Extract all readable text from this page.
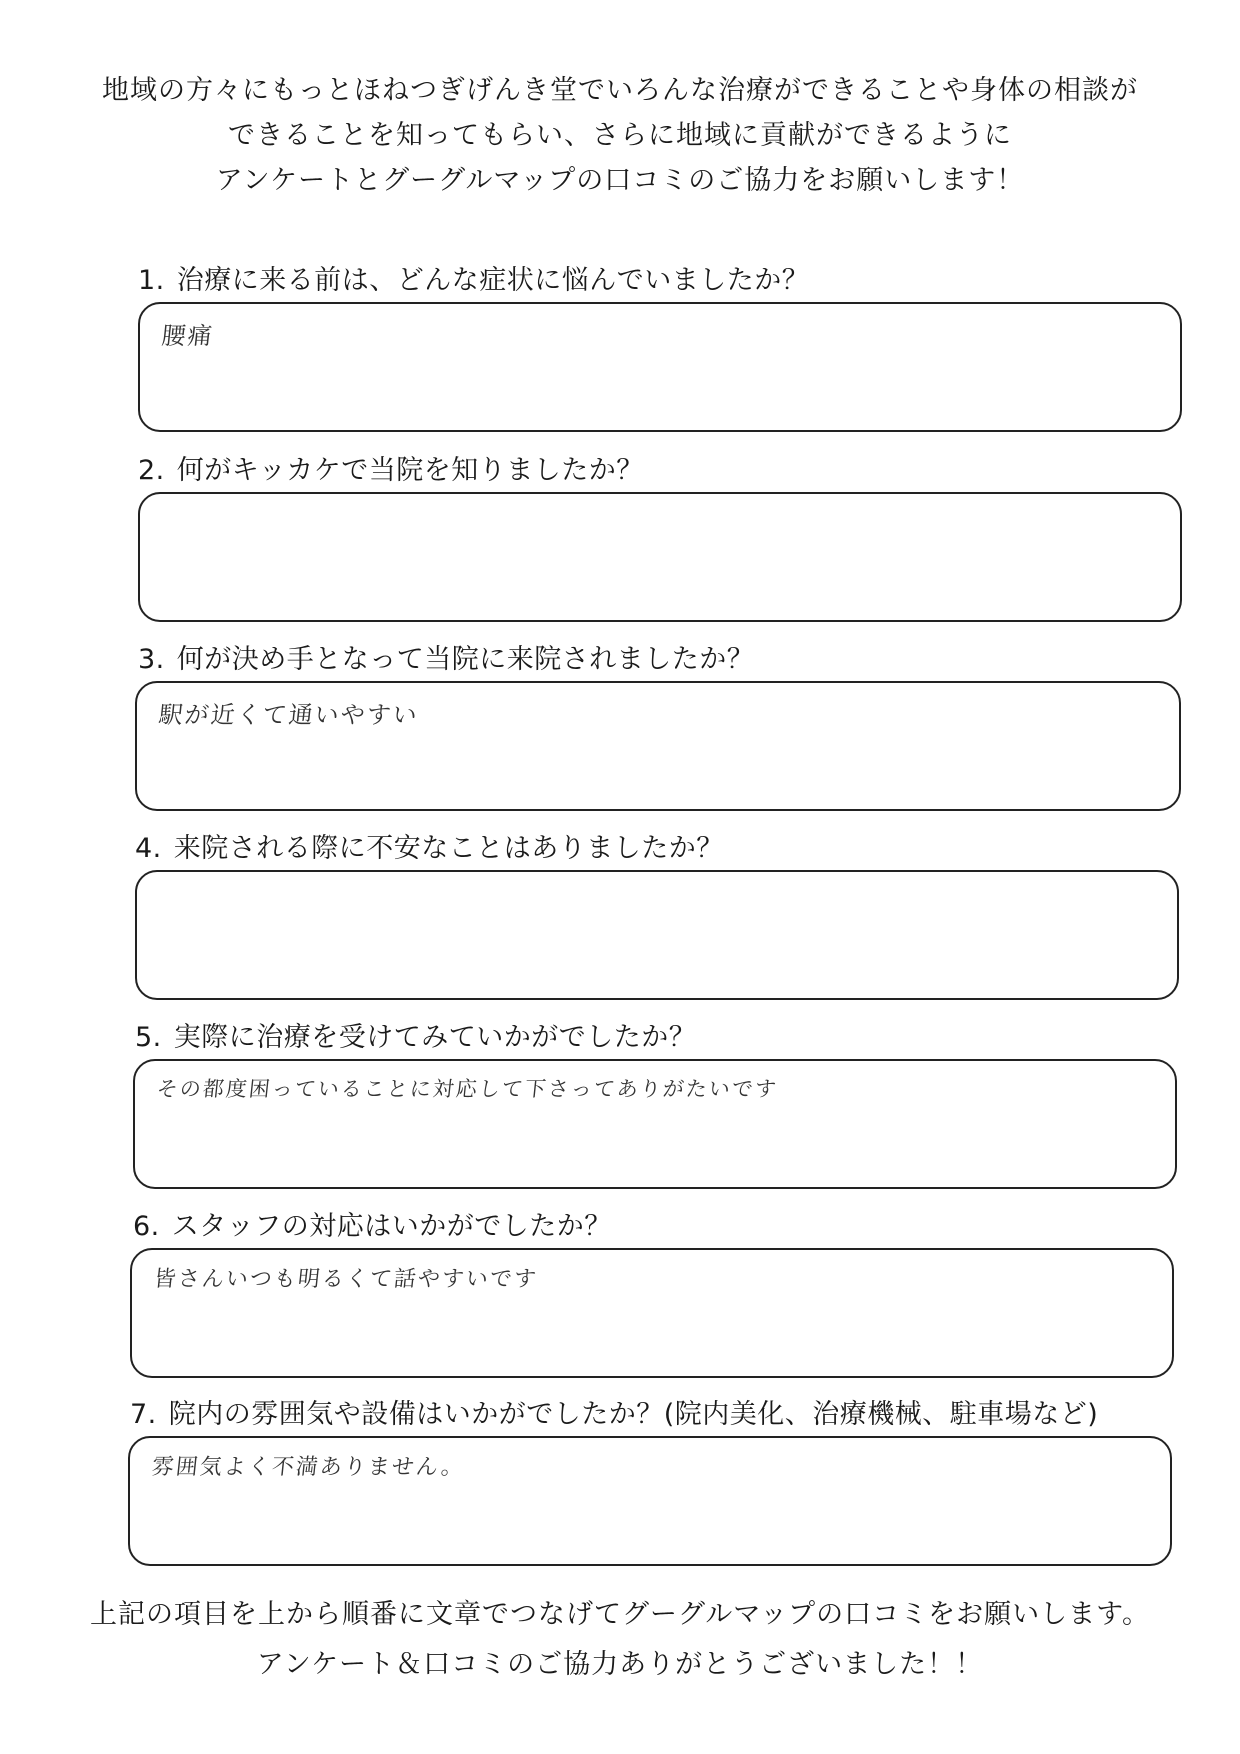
地域の方々にもっとほねつぎげんき堂でいろんな治療ができることや身体の相談が
できることを知ってもらい、さらに地域に貢献ができるように
アンケートとグーグルマップの口コミのご協力をお願いします！
1. 治療に来る前は、どんな症状に悩んでいましたか？
腰痛
2. 何がキッカケで当院を知りましたか？
3. 何が決め手となって当院に来院されましたか？
駅が近くて通いやすい
4. 来院される際に不安なことはありましたか？
5. 実際に治療を受けてみていかがでしたか？
その都度困っていることに対応して下さってありがたいです
6. スタッフの対応はいかがでしたか？
皆さんいつも明るくて話やすいです
7. 院内の雰囲気や設備はいかがでしたか？(院内美化、治療機械、駐車場など)
雰囲気よく不満ありません。
上記の項目を上から順番に文章でつなげてグーグルマップの口コミをお願いします。
アンケート＆口コミのご協力ありがとうございました！！
